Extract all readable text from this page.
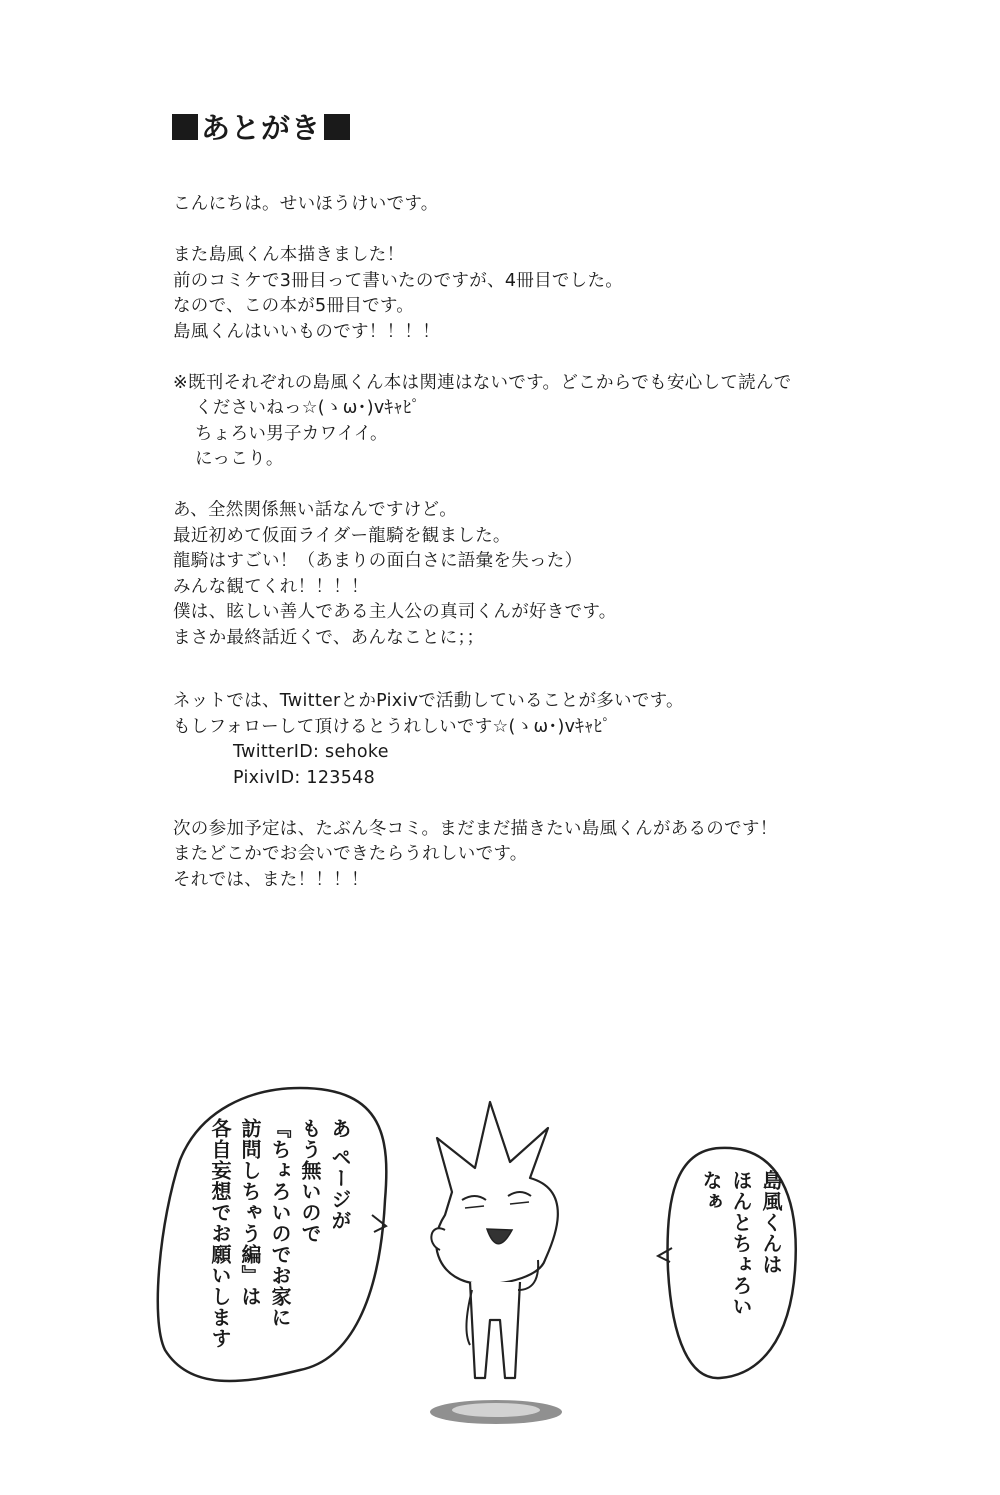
あとがき

こんにちは。せいほうけいです。

また島風くん本描きました！

前のコミケで3冊目って書いたのですが、4冊目でした。

なので、この本が5冊目です。

島風くんはいいものです！！！！

※既刊それぞれの島風くん本は関連はないです。どこからでも安心して読んで

くださいねっ☆(ゝω･)vｷｬﾋﾟ

ちょろい男子カワイイ。

にっこり。

あ、全然関係無い話なんですけど。

最近初めて仮面ライダー龍騎を観ました。

龍騎はすごい！（あまりの面白さに語彙を失った）

みんな観てくれ！！！！

僕は、眩しい善人である主人公の真司くんが好きです。

まさか最終話近くで、あんなことに；；

ネットでは、TwitterとかPixivで活動していることが多いです。

もしフォローして頂けるとうれしいです☆(ゝω･)vｷｬﾋﾟ

TwitterID: sehoke

PixivID: 123548

次の参加予定は、たぶん冬コミ。まだまだ描きたい島風くんがあるのです！

またどこかでお会いできたらうれしいです。

それでは、また！！！！

あ ページが
もう無いので
『ちょろいのでお家に
訪問しちゃう編』は
各自妄想でお願いします	島風くんは
ほんとちょろい
なぁ
